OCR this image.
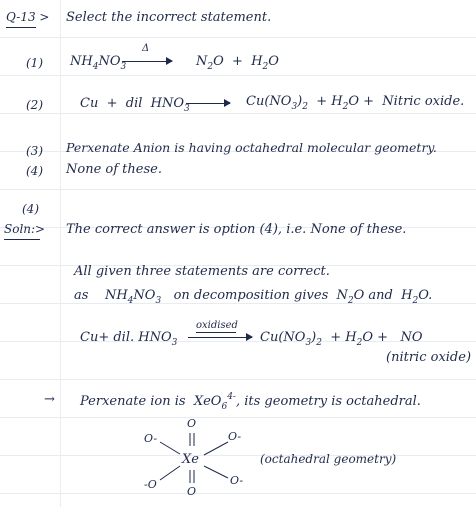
Q-13 > Select the incorrect statement.
(1) $NH_4NO_3$
Δ
$N_2O + H_2O$
(2)	Cu  +  dil  $HNO_3$	$Cu(NO_3)_2 + H_2O$ +  Nitric oxide.
(3) Perxenate Anion is having octahedral molecular geometry.
(4) None of these.
(4)
Soln:> The correct answer is option (4), i.e. None of these.
All given three statements are correct.
as    $NH_4NO_3$   on decomposition gives  $N_2O$ and  $H_2O$.
Cu+ dil. $HNO_3$
oxidised
$Cu(NO_3)_2 + H_2O$ +   NO
(nitric oxide)
→ Perxenate ion is  XeO$_6^{4-}$, its geometry is octahedral.
O
Xe
O
O-	O-
-O	O-
(octahedral geometry)
